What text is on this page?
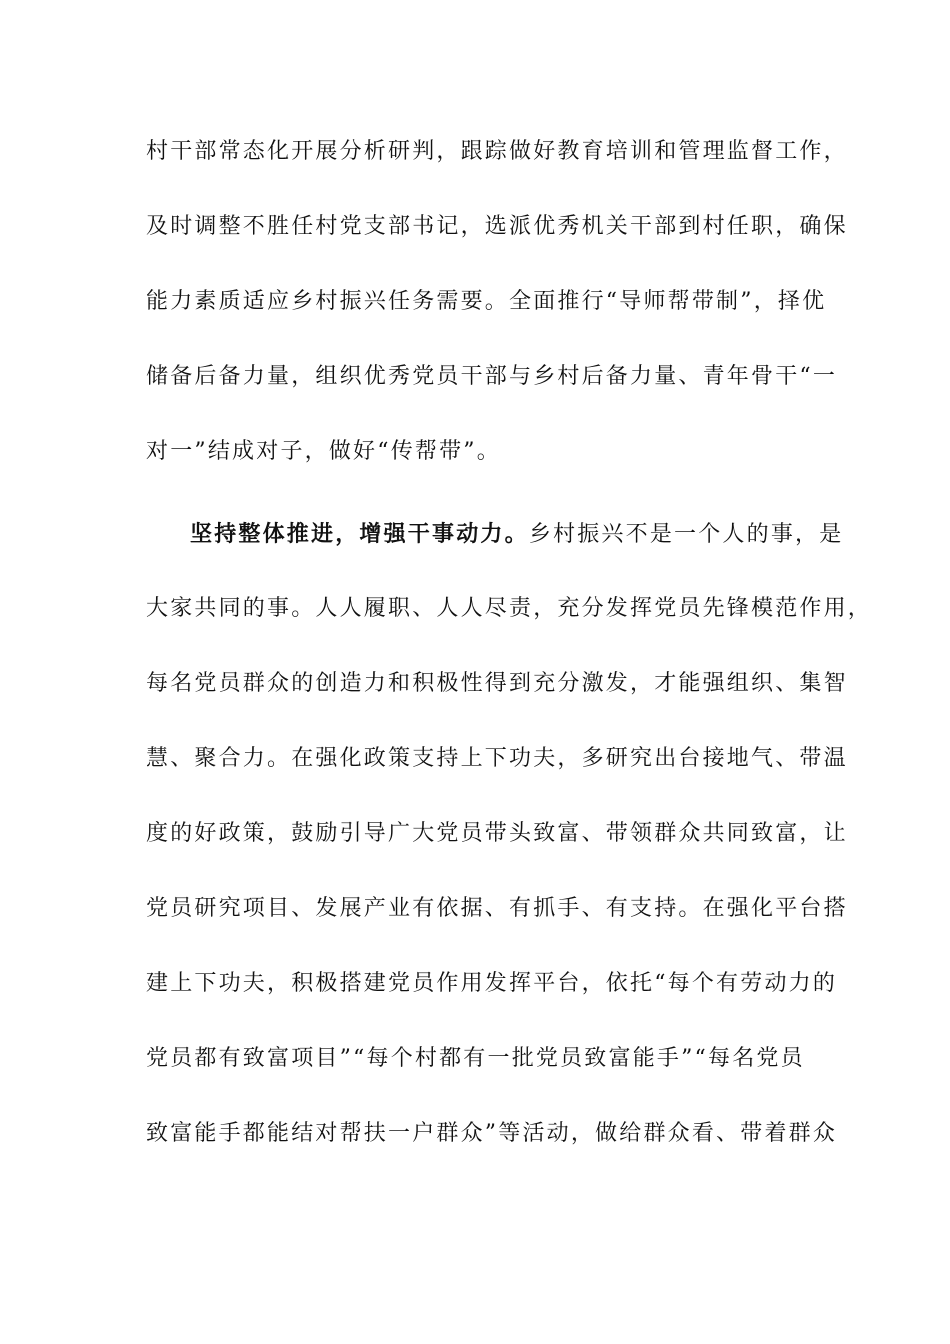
村干部常态化开展分析研判，跟踪做好教育培训和管理监督工作，
及时调整不胜任村党支部书记，选派优秀机关干部到村任职，确保
能力素质适应乡村振兴任务需要。全面推行“导师帮带制”，择优
储备后备力量，组织优秀党员干部与乡村后备力量、青年骨干“一
对一”结成对子，做好“传帮带”。
坚持整体推进，增强干事动力。乡村振兴不是一个人的事，是
大家共同的事。人人履职、人人尽责，充分发挥党员先锋模范作用，
每名党员群众的创造力和积极性得到充分激发，才能强组织、集智
慧、聚合力。在强化政策支持上下功夫，多研究出台接地气、带温
度的好政策，鼓励引导广大党员带头致富、带领群众共同致富，让
党员研究项目、发展产业有依据、有抓手、有支持。在强化平台搭
建上下功夫，积极搭建党员作用发挥平台，依托“每个有劳动力的
党员都有致富项目”“每个村都有一批党员致富能手”“每名党员
致富能手都能结对帮扶一户群众”等活动，做给群众看、带着群众
